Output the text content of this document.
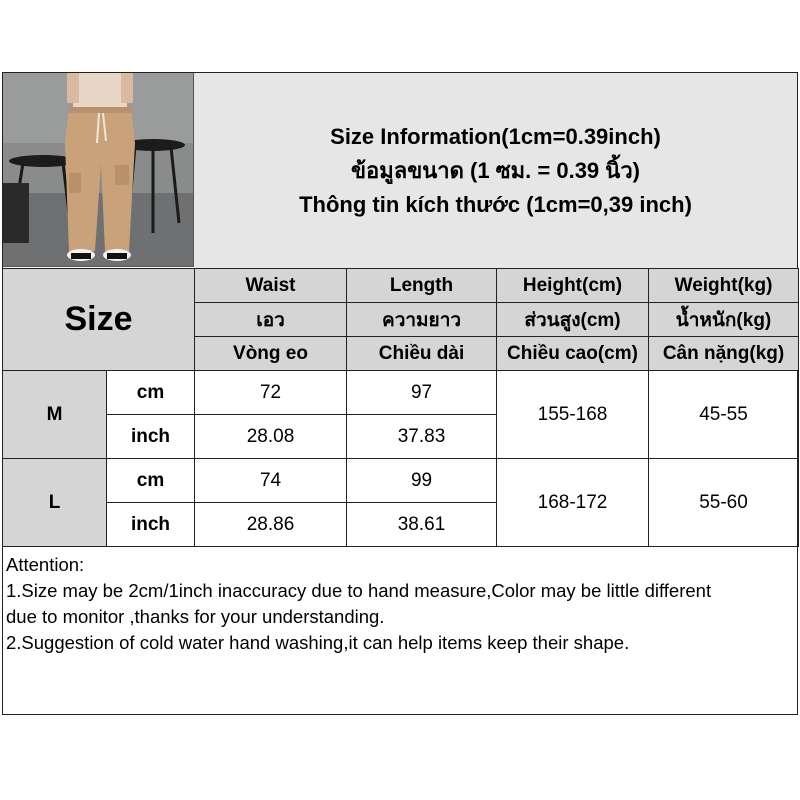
Size Information(1cm=0.39inch)
ข้อมูลขนาด (1 ซม. = 0.39 นิ้ว)
Thông tin kích thước (1cm=0,39 inch)
Size		Waist	Length	Height(cm)	Weight(kg)
		เอว	ความยาว	ส่วนสูง(cm)	น้ำหนัก(kg)
		Vòng eo	Chiều dài	Chiều cao(cm)	Cân nặng(kg)
M	cm	72	97	155-168	45-55
	inch	28.08	37.83		
L	cm	74	99	168-172	55-60
	inch	28.86	38.61		
Attention:
1.Size may be 2cm/1inch inaccuracy due to hand measure,Color may be little different
due to monitor ,thanks for your understanding.
2.Suggestion of cold water hand washing,it can help items keep their shape.
